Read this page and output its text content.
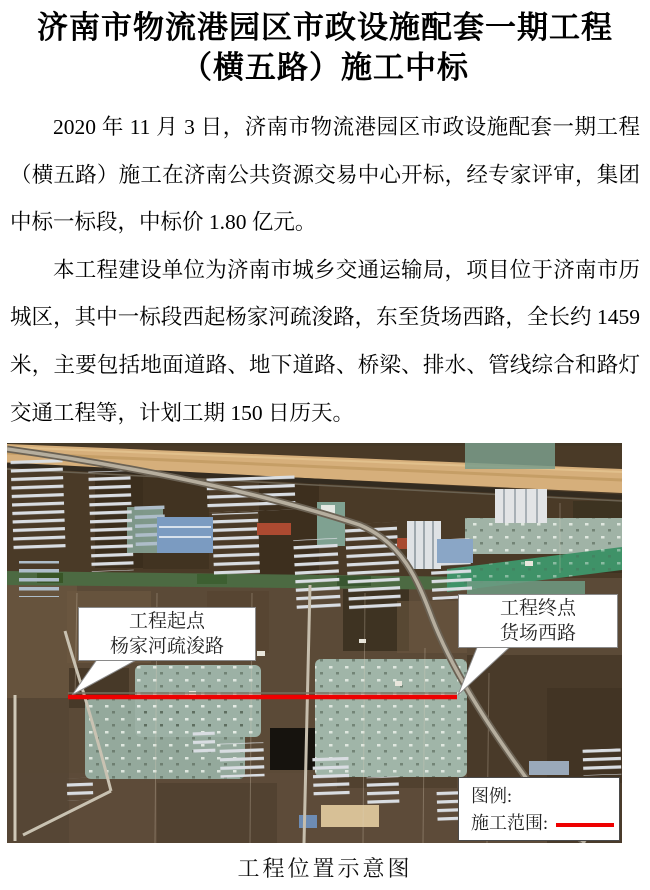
济南市物流港园区市政设施配套一期工程
（横五路）施工中标

2020 年 11 月 3 日，济南市物流港园区市政设施配套一期工程（横五路）施工在济南公共资源交易中心开标，经专家评审，集团中标一标段，中标价 1.80 亿元。

本工程建设单位为济南市城乡交通运输局，项目位于济南市历城区，其中一标段西起杨家河疏浚路，东至货场西路，全长约 1459 米，主要包括地面道路、地下道路、桥梁、排水、管线综合和路灯交通工程等，计划工期 150 日历天。

工程起点
杨家河疏浚路
工程终点
货场西路
图例:
施工范围:
工程位置示意图
